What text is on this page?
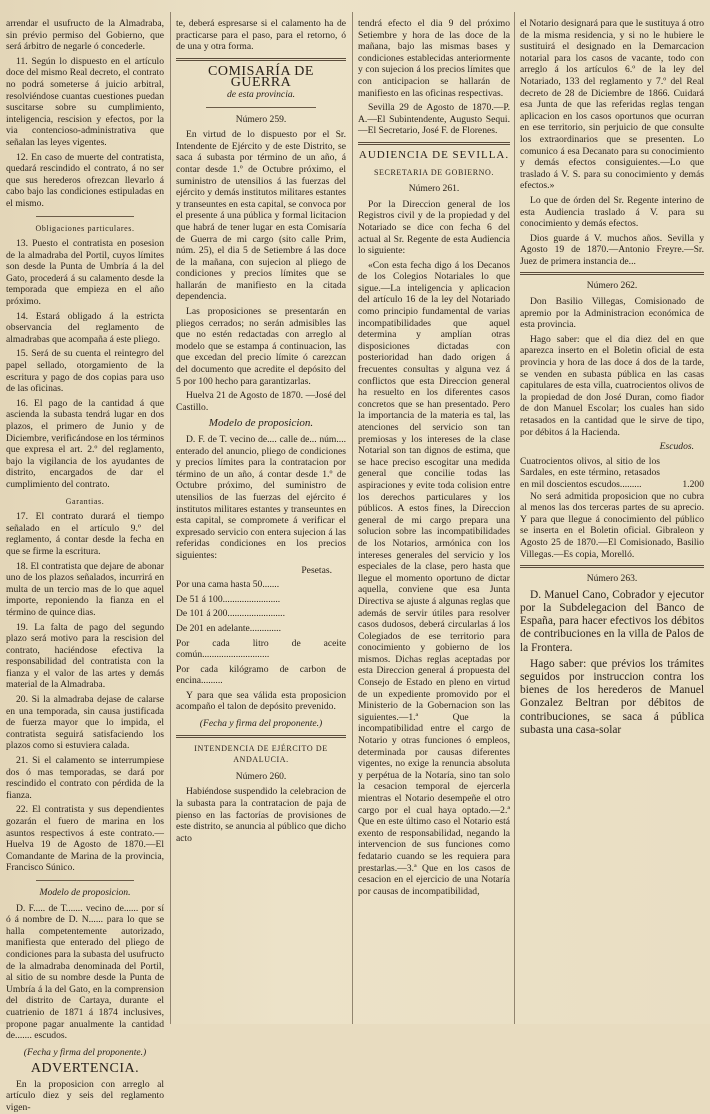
arrendar el usufructo de la Almadraba, sin prévio permiso del Gobierno, que será árbitro de negarle ó concederle.

11. Según lo dispuesto en el artículo doce del mismo Real decreto, el contrato no podrá someterse á juicio arbitral, resolviéndose cuantas cuestiones puedan suscitarse sobre su cumplimiento, inteligencia, rescision y efectos, por la via contencioso-administrativa que señalan las leyes vigentes.

12. En caso de muerte del contratista, quedará rescindido el contrato, á no ser que sus herederos ofrezcan llevarlo á cabo bajo las condiciones estipuladas en el mismo.

Obligaciones particulares.

13. Puesto el contratista en posesion de la almadraba del Portil, cuyos límites son desde la Punta de Umbría á la del Gato, procederá á su calamento desde la temporada que empieza en el año próximo.

14. Estará obligado á la estricta observancia del reglamento de almadrabas que acompaña á este pliego.

15. Será de su cuenta el reintegro del papel sellado, otorgamiento de la escritura y pago de dos copias para uso de las oficinas.

16. El pago de la cantidad á que ascienda la subasta tendrá lugar en dos plazos, el primero de Junio y de Diciembre, verificándose en los términos que expresa el art. 2.º del reglamento, bajo la vigilancia de los ayudantes de distrito, encargados de dar el cumplimiento del contrato.

Garantias.

17. El contrato durará el tiempo señalado en el artículo 9.º del reglamento, á contar desde la fecha en que se firme la escritura.

18. El contratista que dejare de abonar uno de los plazos señalados, incurrirá en multa de un tercio mas de lo que aquel importe, reponiendo la fianza en el término de quince dias.

19. La falta de pago del segundo plazo será motivo para la rescision del contrato, haciéndose efectiva la responsabilidad del contratista con la fianza y el valor de las artes y demás material de la Almadraba.

20. Si la almadraba dejase de calarse en una temporada, sin causa justificada de fuerza mayor que lo impida, el contratista seguirá satisfaciendo los plazos como si estuviera calada.

21. Si el calamento se interrumpiese dos ó mas temporadas, se dará por rescindido el contrato con pérdida de la fianza.

22. El contratista y sus dependientes gozarán el fuero de marina en los asuntos respectivos á este contrato.—Huelva 19 de Agosto de 1870.—El Comandante de Marina de la provincia, Francisco Súnico.

Modelo de proposicion.

D. F..... de T....... vecino de...... por sí ó á nombre de D. N...... para lo que se halla competentemente autorizado, manifiesta que enterado del pliego de condiciones para la subasta del usufructo de la almadraba denominada del Portil, al sitio de su nombre desde la Punta de Umbría á la del Gato, en la comprension del distrito de Cartaya, durante el cuatrienio de 1871 á 1874 inclusives, propone pagar anualmente la cantidad de....... escudos.

(Fecha y firma del proponente.)

ADVERTENCIA.

En la proposicion con arreglo al artículo diez y seis del reglamento vigen-

te, deberá espresarse si el calamento ha de practicarse para el paso, para el retorno, ó de una y otra forma.

COMISARÍA DE GUERRA

de esta provincia.

Número 259.

En virtud de lo dispuesto por el Sr. Intendente de Ejército y de este Distrito, se saca á subasta por término de un año, á contar desde 1.º de Octubre próximo, el suministro de utensilios á las fuerzas del ejército y demás institutos militares estantes y transeuntes en esta capital, se convoca por el presente á una pública y formal licitacion que habrá de tener lugar en esta Comisaría de Guerra de mi cargo (sito calle Prim, núm. 25), el dia 5 de Setiembre á las doce de la mañana, con sujecion al pliego de condiciones y precios límites que se hallarán de manifiesto en la citada dependencia.

Las proposiciones se presentarán en pliegos cerrados; no serán admisibles las que no estén redactadas con arreglo al modelo que se estampa á continuacion, las que excedan del precio límite ó carezcan del documento que acredite el depósito del 5 por 100 hecho para garantizarlas.

Huelva 21 de Agosto de 1870. —José del Castillo.

Modelo de proposicion.

D. F. de T. vecino de.... calle de... núm.... enterado del anuncio, pliego de condiciones y precios límites para la contratacion por término de un año, á contar desde 1.º de Octubre próximo, del suministro de utensilios de las fuerzas del ejército é institutos militares estantes y transeuntes en esta capital, se compromete á verificar el expresado servicio con entera sujecion á las referidas condiciones en los precios siguientes:

Pesetas.

Por una cama hasta 50.......

De 51 á 100........................

De 101 á 200........................

De 201 en adelante.............

Por cada litro de aceite común............................

Por cada kilógramo de carbon de encina.........

Y para que sea válida esta proposicion acompaño el talon de depósito prevenido.

(Fecha y firma del proponente.)

INTENDENCIA DE EJÉRCITO DE

ANDALUCIA.

Número 260.

Habiéndose suspendido la celebracion de la subasta para la contratacion de paja de pienso en las factorías de provisiones de este distrito, se anuncia al público que dicho acto

tendrá efecto el dia 9 del próximo Setiembre y hora de las doce de la mañana, bajo las mismas bases y condiciones establecidas anteriormente y con sujecion á los precios límites que con anticipacion se hallarán de manifiesto en las oficinas respectivas.

Sevilla 29 de Agosto de 1870.—P. A.—El Subintendente, Augusto Sequi.—El Secretario, José F. de Florenes.

AUDIENCIA DE SEVILLA.

SECRETARIA DE GOBIERNO.

Número 261.

Por la Direccion general de los Registros civil y de la propiedad y del Notariado se dice con fecha 6 del actual al Sr. Regente de esta Audiencia lo siguiente:

«Con esta fecha digo á los Decanos de los Colegios Notariales lo que sigue.—La inteligencia y aplicacion del artículo 16 de la ley del Notariado como principio fundamental de varias incompatibilidades que aquel determina y amplían otras disposiciones dictadas con posterioridad han dado origen á frecuentes consultas y alguna vez á conflictos que esta Direccion general ha resuelto en los diferentes casos concretos que se han presentado. Pero la importancia de la materia es tal, las atenciones del servicio son tan premiosas y los intereses de la clase Notarial son tan dignos de estima, que se hace preciso escogitar una medida general que concilie todas las aspiraciones y evite toda colision entre los derechos particulares y los públicos. A estos fines, la Direccion general de mi cargo prepara una solucion sobre las incompatibilidades de los Notarios, armónica con los intereses generales del servicio y los especiales de la clase, pero hasta que llegue el momento oportuno de dictar aquella, conviene que esa Junta Directiva se ajuste á algunas reglas que además de servir útiles para resolver casos dudosos, deberá circularlas á los Colegiados de ese territorio para conocimiento y gobierno de los mismos. Dichas reglas aceptadas por esta Direccion general á propuesta del Consejo de Estado en pleno en virtud de un expediente promovido por el Ministerio de la Gobernacion son las siguientes.—1.ª Que la incompatibilidad entre el cargo de Notario y otras funciones ó empleos, determinada por causas diferentes vigentes, no exige la renuncia absoluta y perpétua de la Notaría, sino tan solo la cesacion temporal de ejercerla mientras el Notario desempeñe el otro cargo por el cual haya optado.—2.ª Que en este último caso el Notario está exento de responsabilidad, negando la intervencion de sus funciones como fedatario cuando se les requiera para prestarlas.—3.ª Que en los casos de cesacion en el ejercicio de una Notaría por causas de incompatibilidad,

el Notario designará para que le sustituya á otro de la misma residencia, y si no le hubiere le sustituirá el designado en la Demarcacion notarial para los casos de vacante, todo con arreglo á los artículos 6.º de la ley del Notariado, 133 del reglamento y 7.º del Real decreto de 28 de Diciembre de 1866. Cuidará esa Junta de que las referidas reglas tengan aplicacion en los casos oportunos que ocurran en ese territorio, sin perjuicio de que consulte los extraordinarios que se presenten. Lo comunico á esa Decanato para su conocimiento y demás efectos consiguientes.—Lo que traslado á V. S. para su conocimiento y demás efectos.»

Lo que de órden del Sr. Regente interino de esta Audiencia traslado á V. para su conocimiento y demás efectos.

Dios guarde á V. muchos años. Sevilla y Agosto 19 de 1870.—Antonio Freyre.—Sr. Juez de primera instancia de...

Número 262.

Don Basilio Villegas, Comisionado de apremio por la Administracion económica de esta provincia.

Hago saber: que el dia diez del en que aparezca inserto en el Boletin oficial de esta provincia y hora de las doce á dos de la tarde, se venden en subasta pública en las casas capitulares de esta villa, cuatrocientos olivos de la propiedad de don José Duran, como fiador de don Manuel Escolar; los cuales han sido retasados en la cantidad que le sirve de tipo, por débitos á la Hacienda.

Escudos.

Cuatrocientos olivos, al sitio de los Sardales, en este término, retasados en mil doscientos escudos.........	1.200

No será admitida proposicion que no cubra al menos las dos terceras partes de su aprecio. Y para que llegue á conocimiento del público se inserta en el Boletin oficial. Gibraleon y Agosto 25 de 1870.—El Comisionado, Basilio Villegas.—Es copia, Morelló.

Número 263.

D. Manuel Cano, Cobrador y ejecutor por la Subdelegacion del Banco de España, para hacer efectivos los débitos de contribuciones en la villa de Palos de la Frontera.

Hago saber: que prévios los trámites seguidos por instruccion contra los bienes de los herederos de Manuel Gonzalez Beltran por débitos de contribuciones, se saca á pública subasta una casa-solar
